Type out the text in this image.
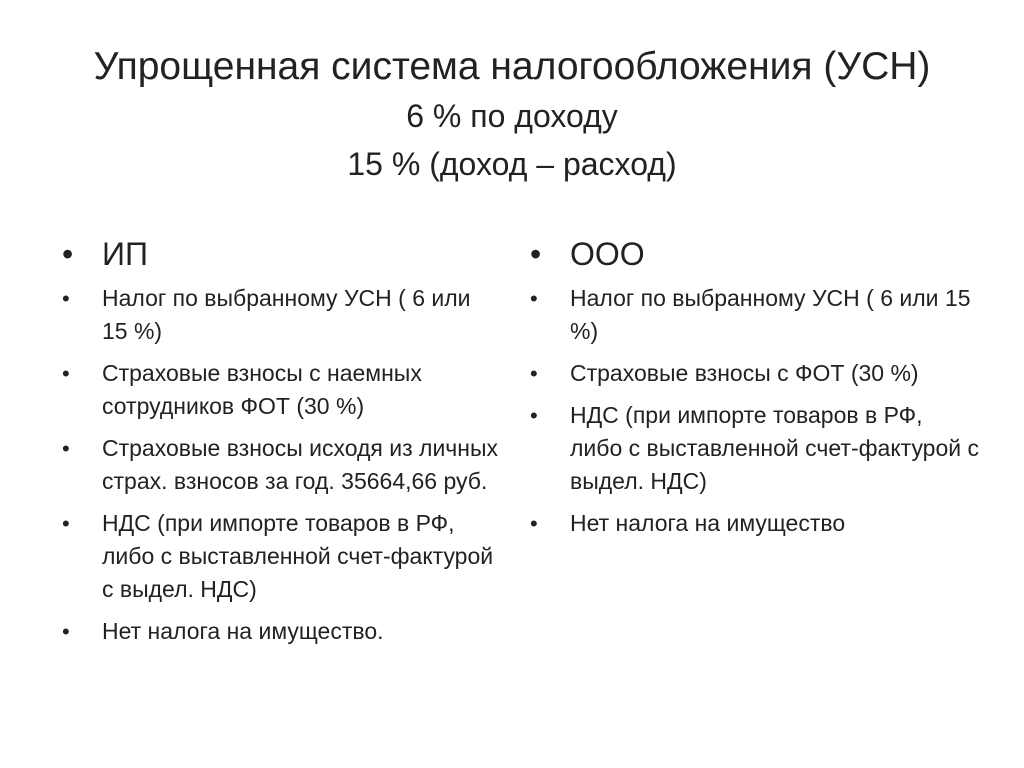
Упрощенная система налогообложения (УСН)
6 % по доходу
15 % (доход – расход)
• ИП
•	Налог по выбранному УСН ( 6 или 15 %)
•	Страховые взносы с наемных сотрудников ФОТ (30 %)
•	Страховые взносы исходя из личных страх. взносов за год. 35664,66 руб.
•	НДС (при импорте товаров в РФ, либо с выставленной счет-фактурой с выдел. НДС)
•	Нет налога на имущество.
• ООО
•	Налог по выбранному УСН ( 6 или 15 %)
•	Страховые взносы с ФОТ (30 %)
•	НДС (при импорте товаров в РФ, либо с выставленной счет-фактурой с выдел. НДС)
•	Нет налога на имущество
